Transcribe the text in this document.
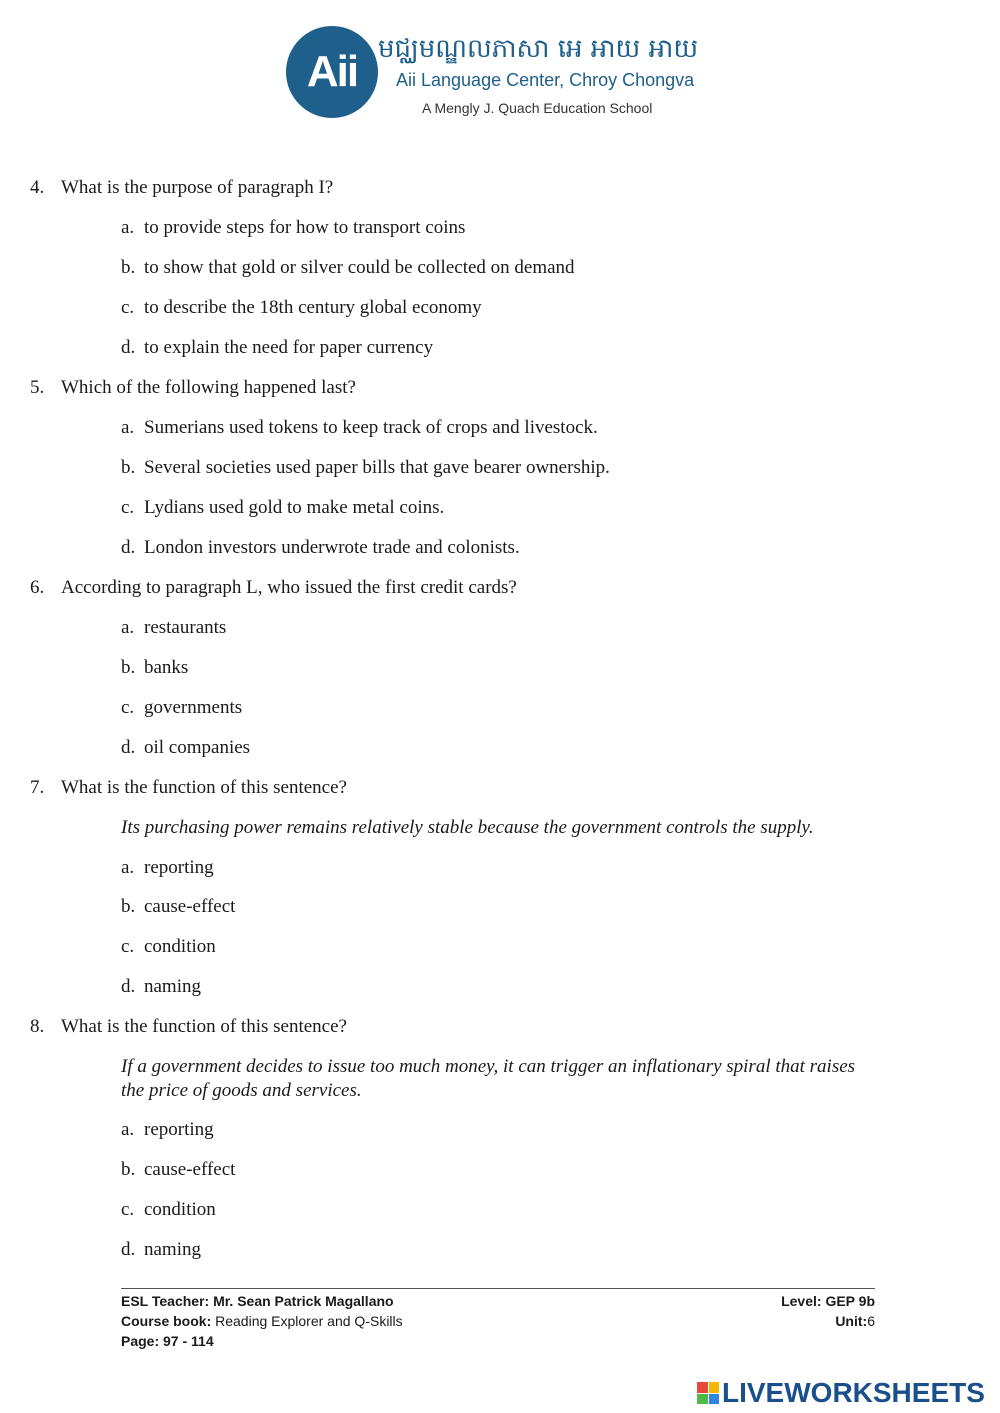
Aii មជ្ឈមណ្ឌលភាសា អេ អាយ អាយ
Aii Language Center, Chroy Chongva
A Mengly J. Quach Education School
4. What is the purpose of paragraph I?
a. to provide steps for how to transport coins
b. to show that gold or silver could be collected on demand
c. to describe the 18th century global economy
d. to explain the need for paper currency
5. Which of the following happened last?
a. Sumerians used tokens to keep track of crops and livestock.
b. Several societies used paper bills that gave bearer ownership.
c. Lydians used gold to make metal coins.
d. London investors underwrote trade and colonists.
6. According to paragraph L, who issued the first credit cards?
a. restaurants
b. banks
c. governments
d. oil companies
7. What is the function of this sentence?
Its purchasing power remains relatively stable because the government controls the supply.
a. reporting
b. cause-effect
c. condition
d. naming
8. What is the function of this sentence?
If a government decides to issue too much money, it can trigger an inflationary spiral that raises the price of goods and services.
a. reporting
b. cause-effect
c. condition
d. naming
ESL Teacher: Mr. Sean Patrick Magallano
Course book: Reading Explorer and Q-Skills
Page: 97 - 114
Level: GEP 9b
Unit:6
LIVEWORKSHEETS
